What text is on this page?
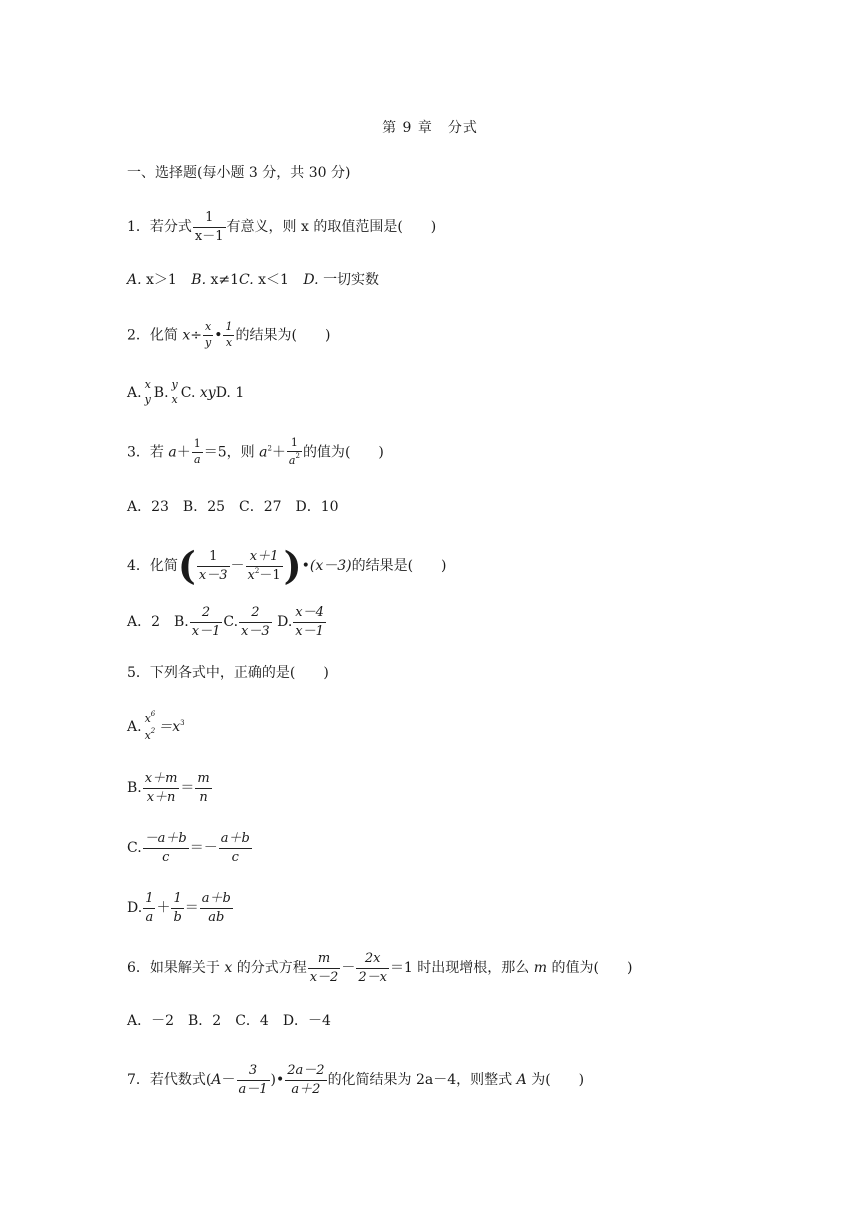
第 9 章　分式
一、选择题(每小题 3 分，共 30 分)
1．若分式 $\frac{1}{x-1}$ 有意义，则 x 的取值范围是(　　)
A. x＞1 B. x≠1C. x＜1 D. 一切实数
2．化简 $x\div \frac{x}{y}$ • $\frac{1}{x}$ 的结果为(　　)
A.
x
y B.
y
x C. xyD. 1
3．若 $a+ \frac{1}{a} =5$，则 $a^2+ \frac{1}{a^2}$ 的值为(　　)
A．23　B．25　C．27　D．10
4．化简( $\frac{1}{x-3} - \frac{x+1}{x^2-1}$ )•(x－3)的结果是(　　)
A．2　B. $\frac{2}{x-1} C$. $\frac{2}{x-3} D$. $\frac{x-4}{x-1}$
5．下列各式中，正确的是(　　)
A.
$x^6$
$x^2 =x^3$
B. $\frac{x+m}{x+n} = \frac{m}{n}$
C. $\frac{-a+b}{c} =- \frac{a+b}{c}$
D. $\frac{1}{a} + \frac{1}{b} = \frac{a+b}{ab}$
6．如果解关于 x 的分式方程 $\frac{m}{x-2} - \frac{2x}{2-x} =1$ 时出现增根，那么 m 的值为(　　)
A．－2　B．2　C．4　D．－4
7．若代数式($A- \frac{3}{a-1}$ )• $\frac{2a-2}{a+2}$ 的化简结果为 2a－4，则整式 A 为(　　)
